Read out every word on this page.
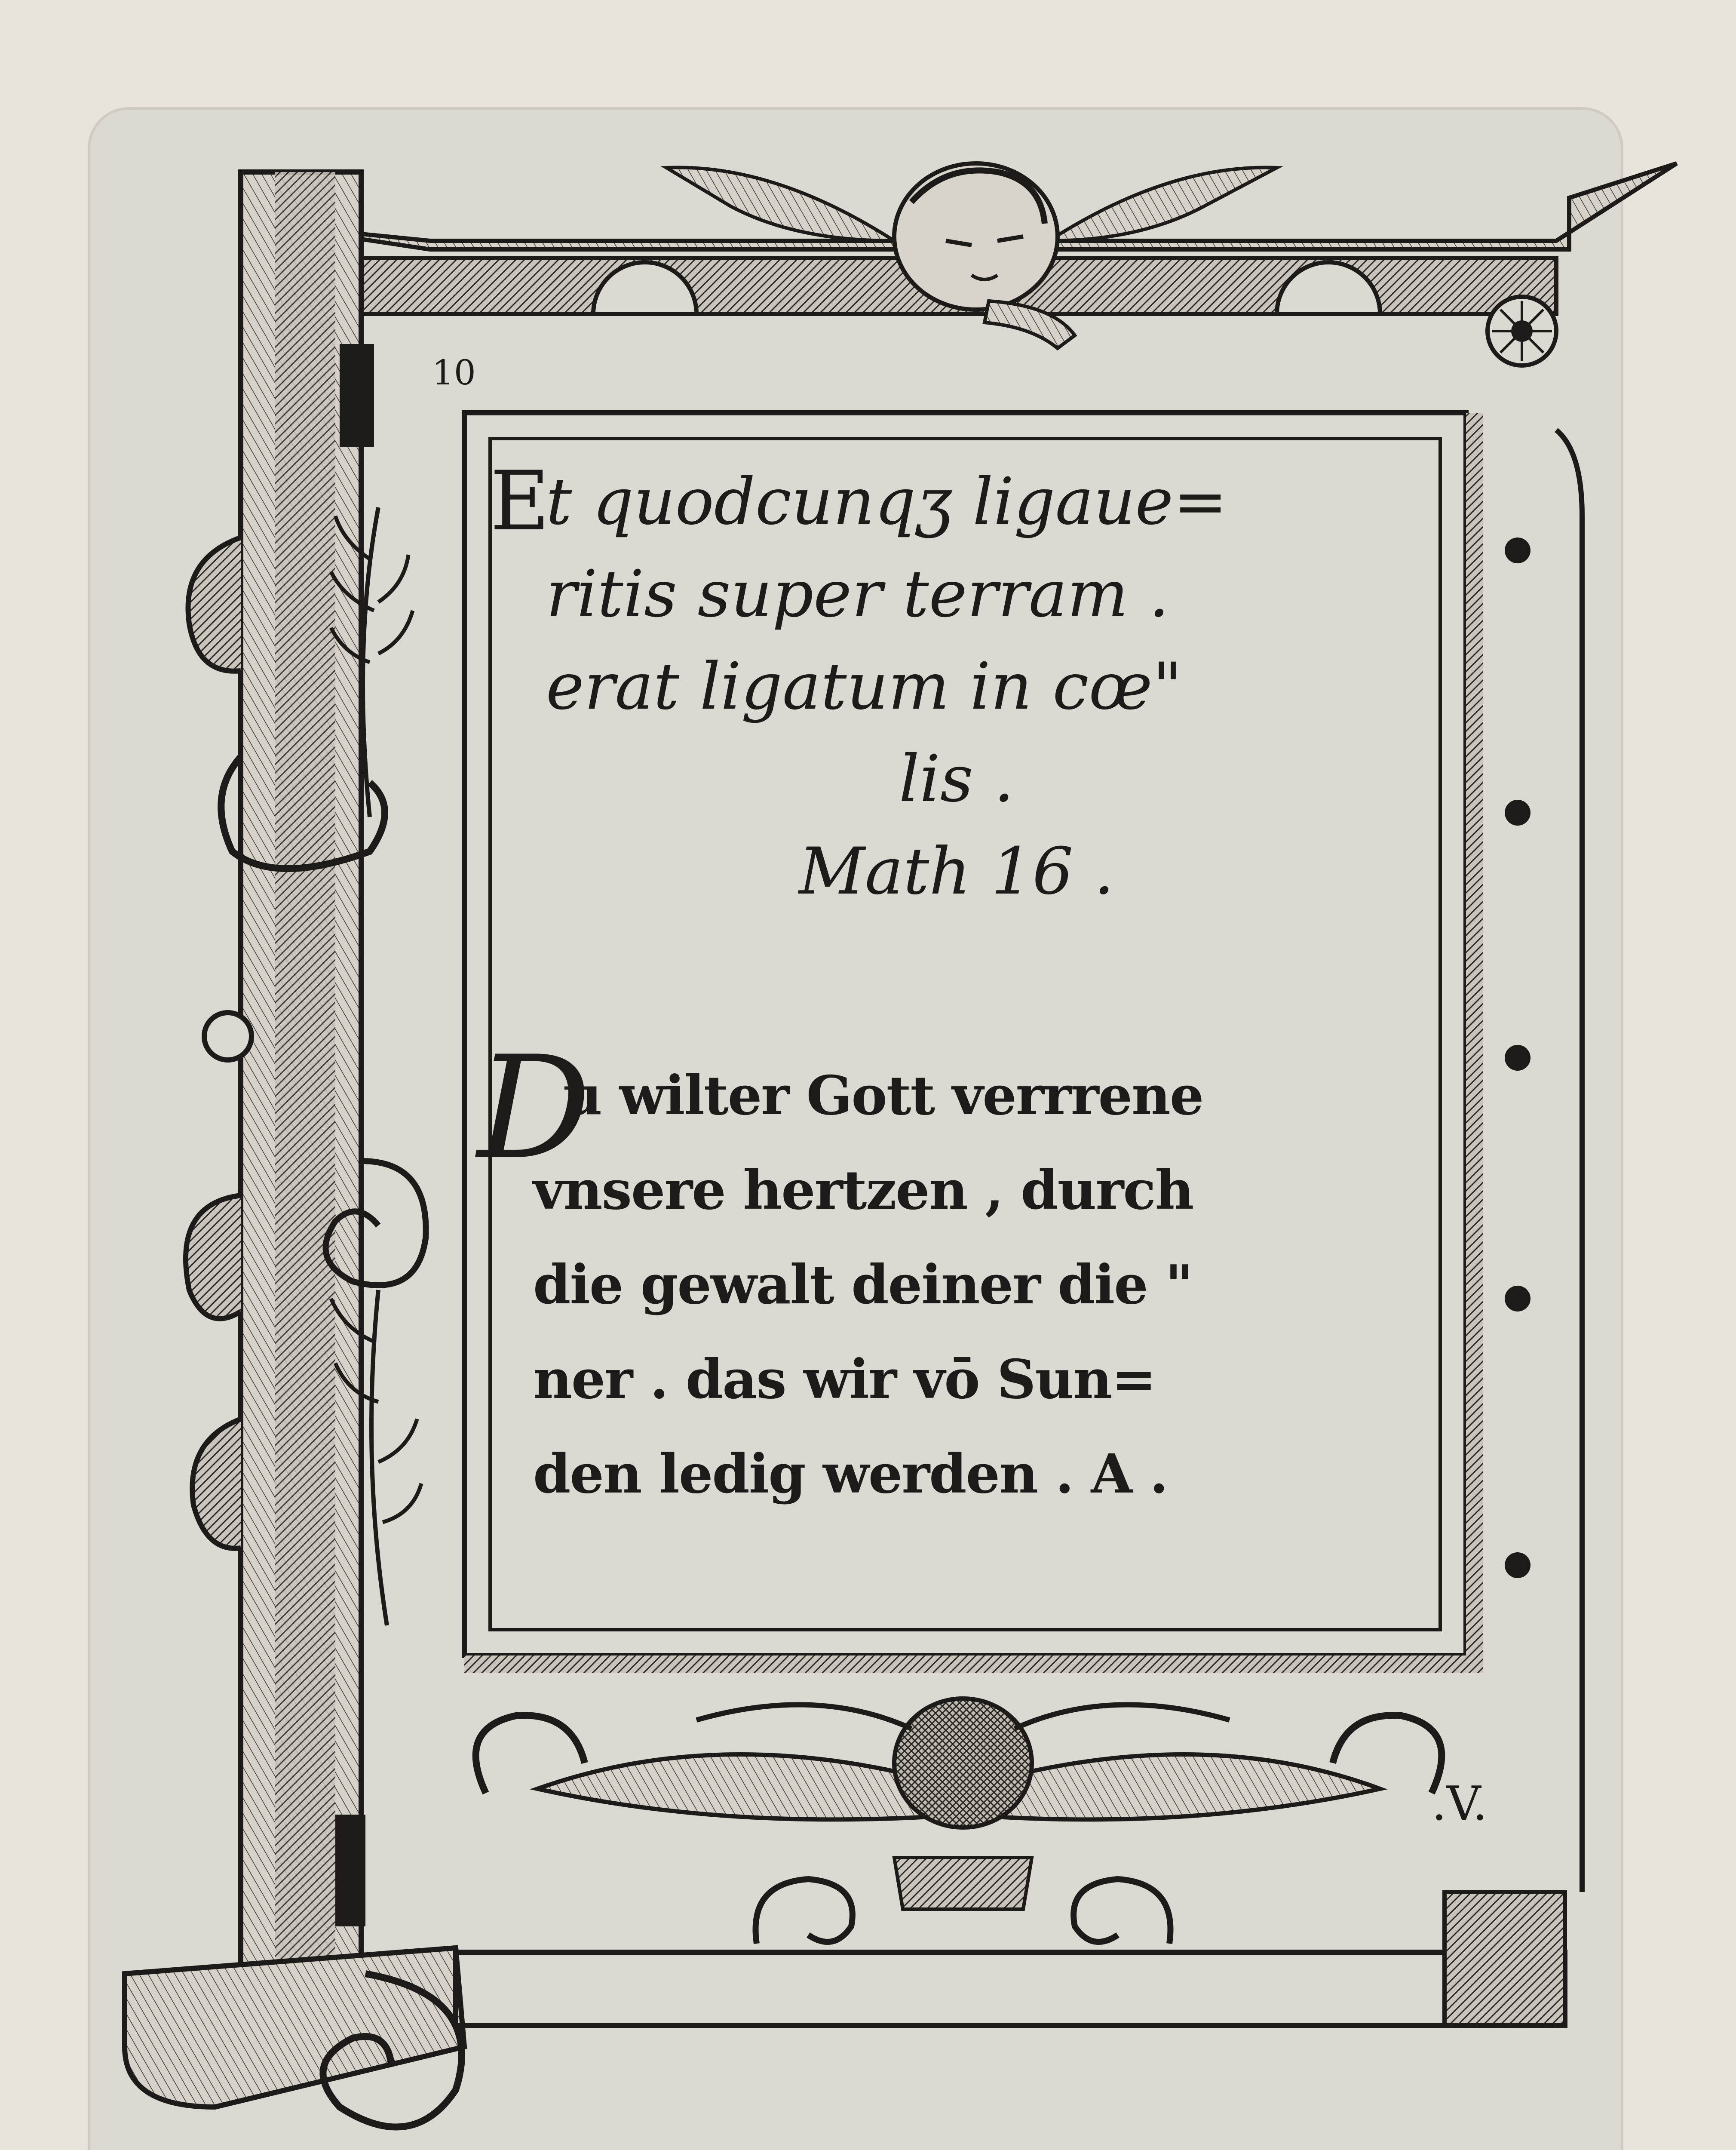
10
.V.
E
t quodcunqʒ ligaue=
ritis super terram .
erat ligatum in cœ"
lis .
Math 16 .
D
u wilter Gott verrrene
vnsere hertzen , durch
die gewalt deiner die "
ner . das wir vō Sun=
den ledig werden . A .
